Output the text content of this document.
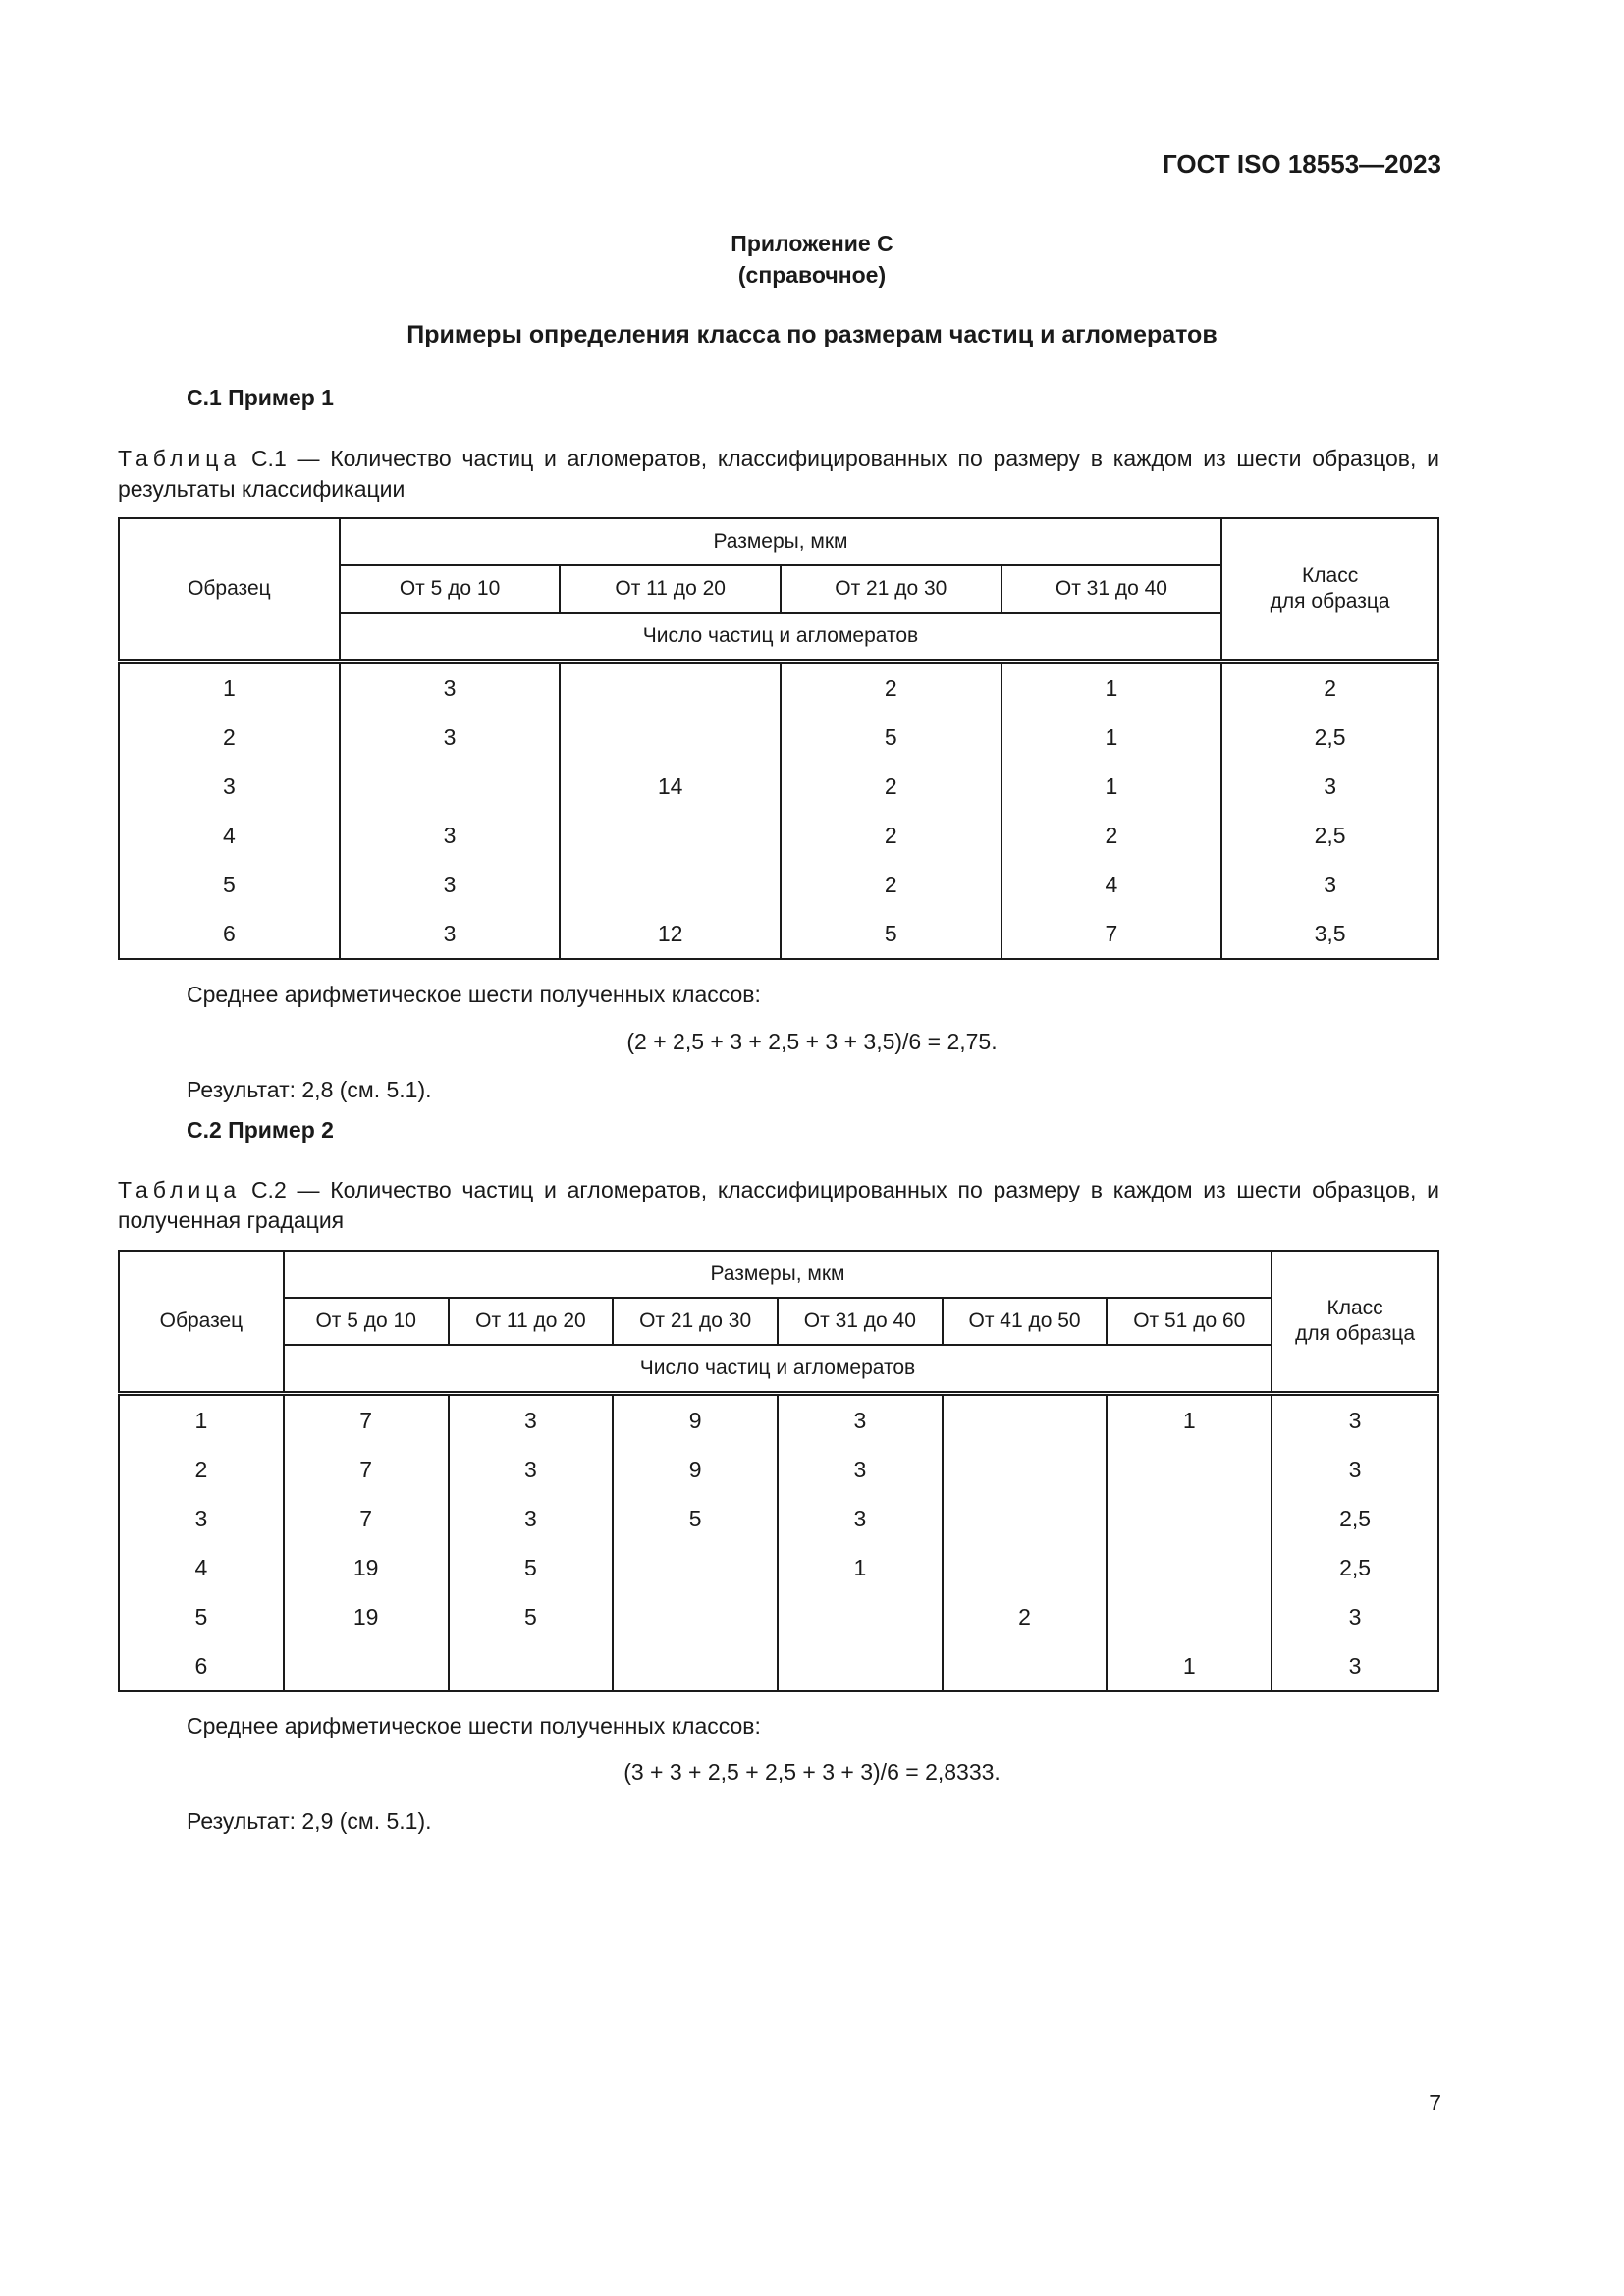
ГОСТ ISO 18553—2023
Приложение С
(справочное)
Примеры определения класса по размерам частиц и агломератов
С.1 Пример 1
Таблица С.1 — Количество частиц и агломератов, классифицированных по размеру в каждом из шести образцов, и результаты классификации
Образец	Размеры, мкм				Класс
для образца

	От 5 до 10	От 11 до 20	От 21 до 30	От 31 до 40	
	Число частиц и агломератов				
1	3		2	1	2
2	3		5	1	2,5
3		14	2	1	3
4	3		2	2	2,5
5	3		2	4	3
6	3	12	5	7	3,5
Среднее арифметическое шести полученных классов:
(2 + 2,5 + 3 + 2,5 + 3 + 3,5)/6 = 2,75.
Результат: 2,8 (см. 5.1).
С.2 Пример 2
Таблица С.2 — Количество частиц и агломератов, классифицированных по размеру в каждом из шести образцов, и полученная градация
Образец	Размеры, мкм						Класс
для образца

	От 5 до 10	От 11 до 20	От 21 до 30	От 31 до 40	От 41 до 50	От 51 до 60	
	Число частиц и агломератов						
1	7	3	9	3		1	3
2	7	3	9	3			3
3	7	3	5	3			2,5
4	19	5		1			2,5
5	19	5			2		3
6						1	3
Среднее арифметическое шести полученных классов:
(3 + 3 + 2,5 + 2,5 + 3 + 3)/6 = 2,8333.
Результат: 2,9 (см. 5.1).
7
